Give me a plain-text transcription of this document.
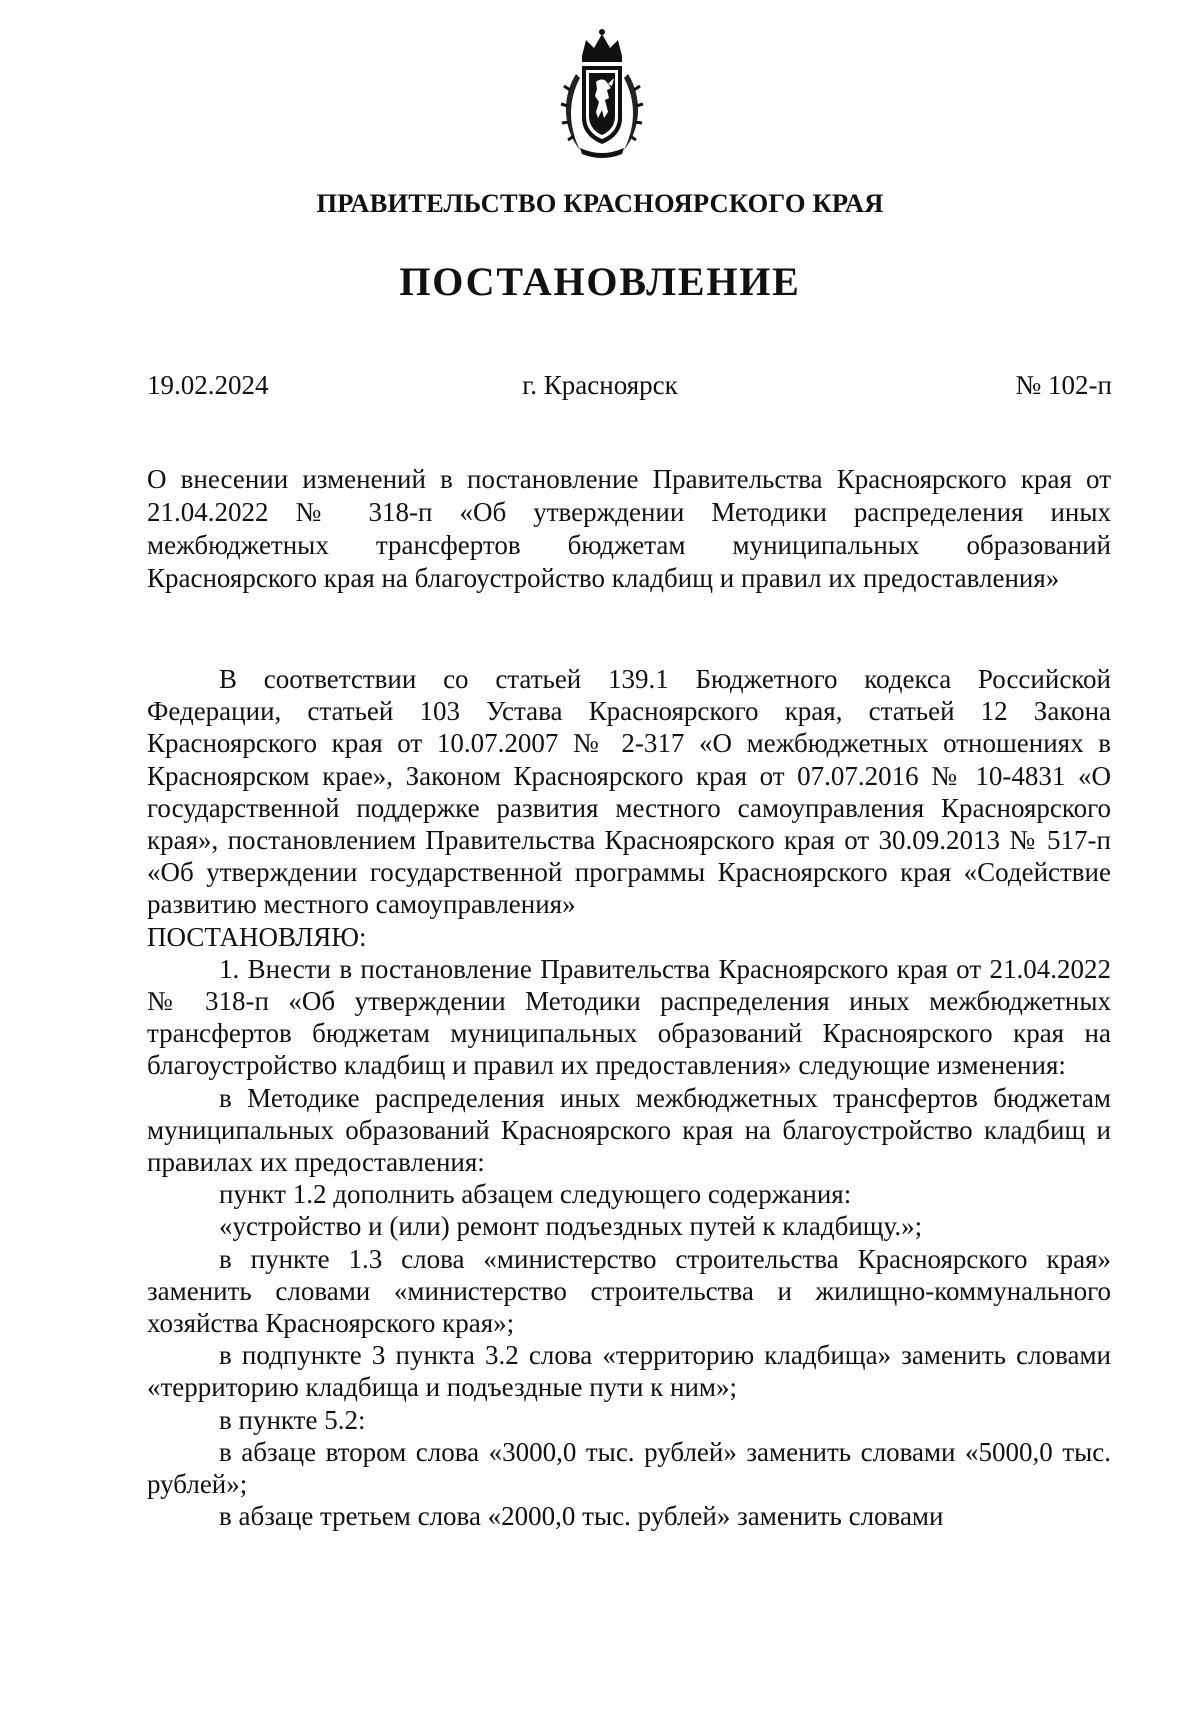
ПРАВИТЕЛЬСТВО КРАСНОЯРСКОГО КРАЯ
ПОСТАНОВЛЕНИЕ
19.02.2024	г. Красноярск	№ 102-п
О внесении изменений в постановление Правительства Красноярского края от 21.04.2022 № 318-п «Об утверждении Методики распределения иных межбюджетных трансфертов бюджетам муниципальных образований Красноярского края на благоустройство кладбищ и правил их предоставления»

В соответствии со статьей 139.1 Бюджетного кодекса Российской Федерации, статьей 103 Устава Красноярского края, статьей 12 Закона Красноярского края от 10.07.2007 № 2-317 «О межбюджетных отношениях в Красноярском крае», Законом Красноярского края от 07.07.2016 № 10-4831 «О государственной поддержке развития местного самоуправления Красноярского края», постановлением Правительства Красноярского края от 30.09.2013 № 517-п «Об утверждении государственной программы Красноярского края «Содействие развитию местного самоуправления»

ПОСТАНОВЛЯЮ:

1. Внести в постановление Правительства Красноярского края от 21.04.2022 № 318-п «Об утверждении Методики распределения иных межбюджетных трансфертов бюджетам муниципальных образований Красноярского края на благоустройство кладбищ и правил их предоставления» следующие изменения:

в Методике распределения иных межбюджетных трансфертов бюджетам муниципальных образований Красноярского края на благоустройство кладбищ и правилах их предоставления:

пункт 1.2 дополнить абзацем следующего содержания:

«устройство и (или) ремонт подъездных путей к кладбищу.»;

в пункте 1.3 слова «министерство строительства Красноярского края» заменить словами «министерство строительства и жилищно-коммунального хозяйства Красноярского края»;

в подпункте 3 пункта 3.2 слова «территорию кладбища» заменить словами «территорию кладбища и подъездные пути к ним»;

в пункте 5.2:

в абзаце втором слова «3000,0 тыс. рублей» заменить словами «5000,0 тыс. рублей»;

в абзаце третьем слова «2000,0 тыс. рублей» заменить словами
